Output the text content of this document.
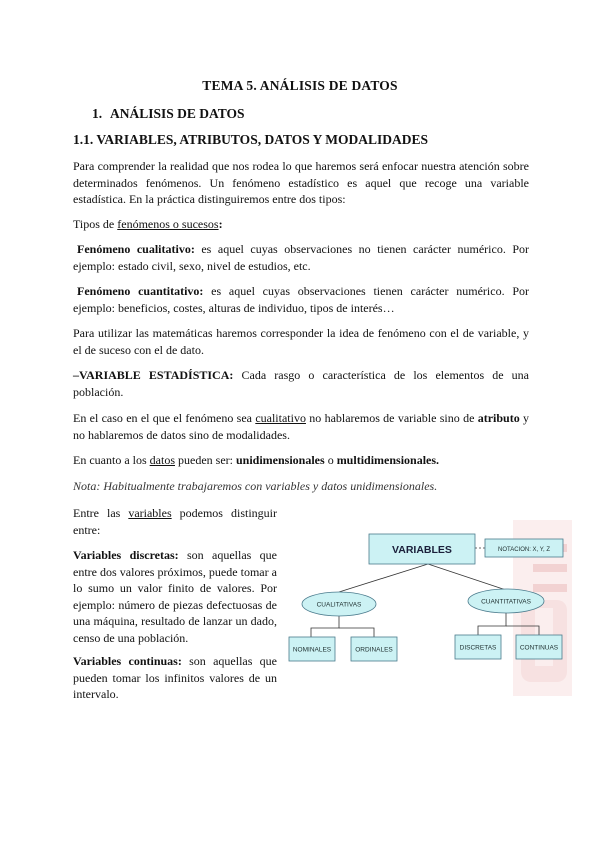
TEMA 5. ANÁLISIS DE DATOS
1. ANÁLISIS DE DATOS
1.1. VARIABLES, ATRIBUTOS, DATOS Y MODALIDADES
Para comprender la realidad que nos rodea lo que haremos será enfocar nuestra atención sobre determinados fenómenos. Un fenómeno estadístico es aquel que recoge una variable estadística. En la práctica distinguiremos entre dos tipos:
Tipos de fenómenos o sucesos:
Fenómeno cualitativo: es aquel cuyas observaciones no tienen carácter numérico. Por ejemplo: estado civil, sexo, nivel de estudios, etc.
Fenómeno cuantitativo: es aquel cuyas observaciones tienen carácter numérico. Por ejemplo: beneficios, costes, alturas de individuo, tipos de interés…
Para utilizar las matemáticas haremos corresponder la idea de fenómeno con el de variable, y el de suceso con el de dato.
–VARIABLE ESTADÍSTICA: Cada rasgo o característica de los elementos de una población.
En el caso en el que el fenómeno sea cualitativo no hablaremos de variable sino de atributo y no hablaremos de datos sino de modalidades.
En cuanto a los datos pueden ser: unidimensionales o multidimensionales.
Nota: Habitualmente trabajaremos con variables y datos unidimensionales.
Entre las variables podemos distinguir entre:
Variables discretas: son aquellas que entre dos valores próximos, puede tomar a lo sumo un valor finito de valores. Por ejemplo: número de piezas defectuosas de una máquina, resultado de lanzar un dado, censo de una población.
Variables continuas: son aquellas que pueden tomar los infinitos valores de un intervalo.
VARIABLES	NOTACION: X, Y, Z
CUALITATIVAS	CUANTITATIVAS
NOMINALES	ORDINALES	DISCRETAS	CONTINUAS
